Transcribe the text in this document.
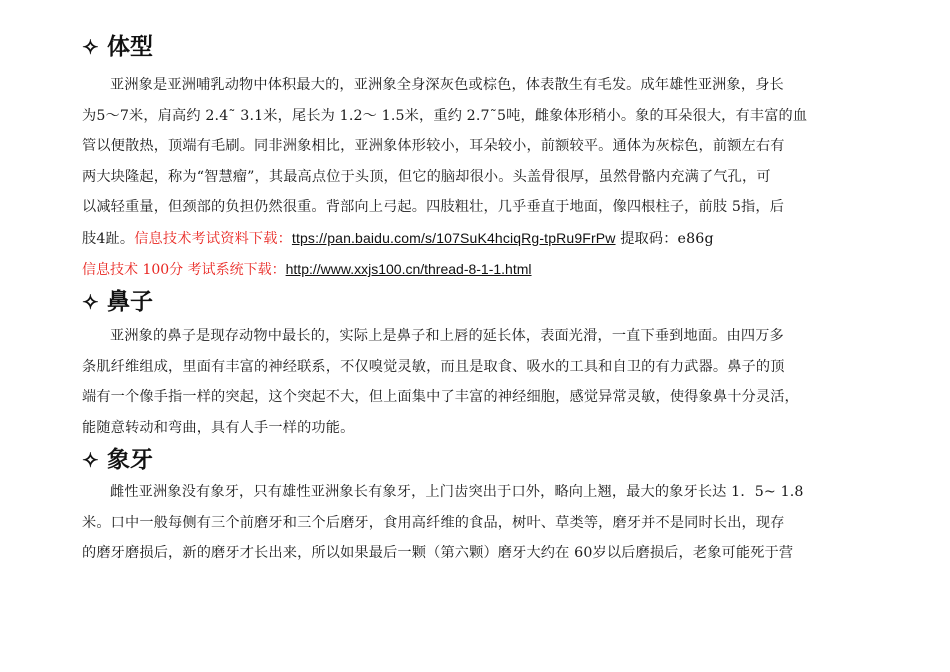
✧ 体型

亚洲象是亚洲哺乳动物中体积最大的，亚洲象全身深灰色或棕色，体表散生有毛发。成年雄性亚洲象，身长
为5～7米，肩高约 2.4˜ 3.1米，尾长为 1.2～ 1.5米，重约 2.7˜5吨，雌象体形稍小。象的耳朵很大，有丰富的血
管以便散热，顶端有毛刷。同非洲象相比，亚洲象体形较小，耳朵较小，前额较平。通体为灰棕色，前额左右有
两大块隆起，称为“智慧瘤”，其最高点位于头顶，但它的脑却很小。头盖骨很厚，虽然骨骼内充满了气孔，可
以减轻重量，但颈部的负担仍然很重。背部向上弓起。四肢粗壮，几乎垂直于地面，像四根柱子，前肢 5指，后
肢4趾。信息技术考试资料下载：ttps://pan.baidu.com/s/107SuK4hciqRg-tpRu9FrPw 提取码：e86g

信息技术 100分 考试系统下载：http://www.xxjs100.cn/thread-8-1-1.html

✧ 鼻子

亚洲象的鼻子是现存动物中最长的，实际上是鼻子和上唇的延长体，表面光滑，一直下垂到地面。由四万多
条肌纤维组成，里面有丰富的神经联系，不仅嗅觉灵敏，而且是取食、吸水的工具和自卫的有力武器。鼻子的顶
端有一个像手指一样的突起，这个突起不大，但上面集中了丰富的神经细胞，感觉异常灵敏，使得象鼻十分灵活，
能随意转动和弯曲，具有人手一样的功能。

✧ 象牙

雌性亚洲象没有象牙，只有雄性亚洲象长有象牙，上门齿突出于口外，略向上翘，最大的象牙长达 1．5~ 1.8
米。口中一般每侧有三个前磨牙和三个后磨牙，食用高纤维的食品，树叶、草类等，磨牙并不是同时长出，现存
的磨牙磨损后，新的磨牙才长出来，所以如果最后一颗（第六颗）磨牙大约在 60岁以后磨损后，老象可能死于营
